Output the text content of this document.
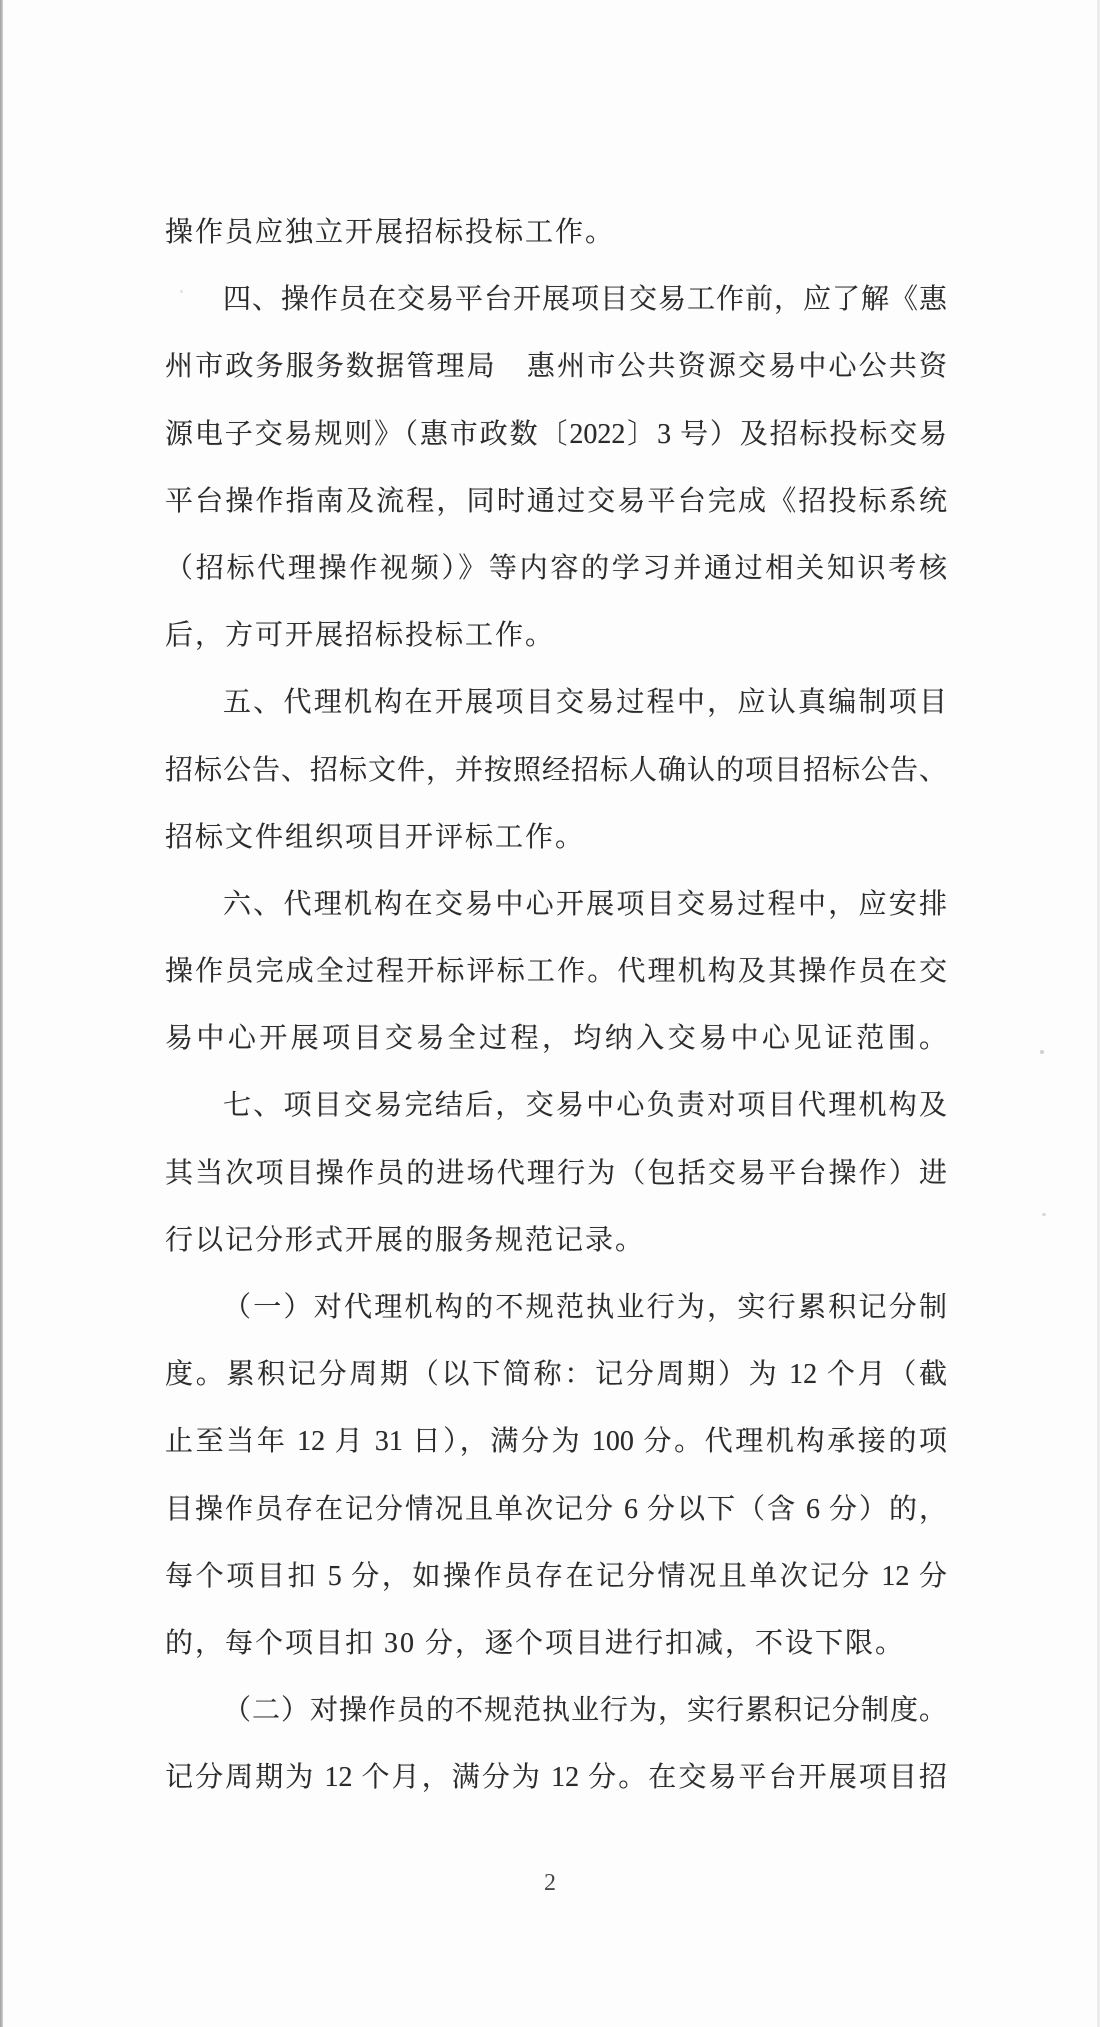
操作员应独立开展招标投标工作。
四、操作员在交易平台开展项目交易工作前，应了解《惠
州市政务服务数据管理局　惠州市公共资源交易中心公共资
源电子交易规则》（惠市政数〔2022〕3 号）及招标投标交易
平台操作指南及流程，同时通过交易平台完成《招投标系统
（招标代理操作视频）》等内容的学习并通过相关知识考核
后，方可开展招标投标工作。
五、代理机构在开展项目交易过程中，应认真编制项目
招标公告、招标文件，并按照经招标人确认的项目招标公告、
招标文件组织项目开评标工作。
六、代理机构在交易中心开展项目交易过程中，应安排
操作员完成全过程开标评标工作。代理机构及其操作员在交
易中心开展项目交易全过程，均纳入交易中心见证范围。
七、项目交易完结后，交易中心负责对项目代理机构及
其当次项目操作员的进场代理行为（包括交易平台操作）进
行以记分形式开展的服务规范记录。
（一）对代理机构的不规范执业行为，实行累积记分制
度。累积记分周期（以下简称：记分周期）为 12 个月（截
止至当年 12 月 31 日），满分为 100 分。代理机构承接的项
目操作员存在记分情况且单次记分 6 分以下（含 6 分）的，
每个项目扣 5 分，如操作员存在记分情况且单次记分 12 分
的，每个项目扣 30 分，逐个项目进行扣减，不设下限。
（二）对操作员的不规范执业行为，实行累积记分制度。
记分周期为 12 个月，满分为 12 分。在交易平台开展项目招
2
